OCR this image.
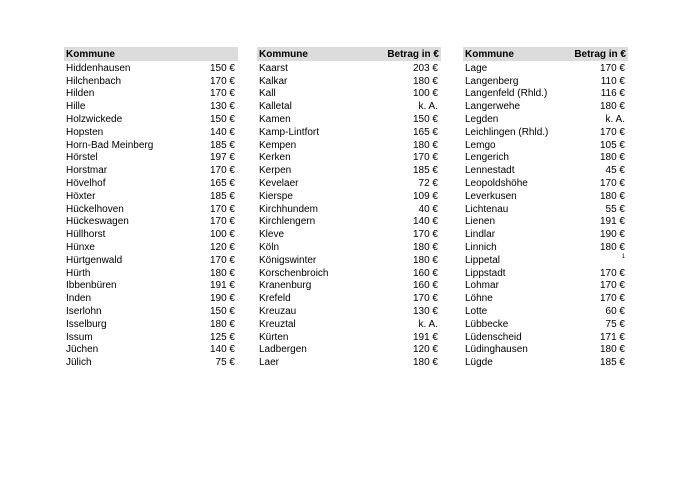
Kommune
Hiddenhausen	150 €
Hilchenbach	170 €
Hilden	170 €
Hille	130 €
Holzwickede	150 €
Hopsten	140 €
Horn-Bad Meinberg	185 €
Hörstel	197 €
Horstmar	170 €
Hövelhof	165 €
Höxter	185 €
Hückelhoven	170 €
Hückeswagen	170 €
Hüllhorst	100 €
Hünxe	120 €
Hürtgenwald	170 €
Hürth	180 €
Ibbenbüren	191 €
Inden	190 €
Iserlohn	150 €
Isselburg	180 €
Issum	125 €
Jüchen	140 €
Jülich	75 €
Kommune	Betrag in €
Kaarst	203 €
Kalkar	180 €
Kall	100 €
Kalletal	k. A.
Kamen	150 €
Kamp-Lintfort	165 €
Kempen	180 €
Kerken	170 €
Kerpen	185 €
Kevelaer	72 €
Kierspe	109 €
Kirchhundem	40 €
Kirchlengern	140 €
Kleve	170 €
Köln	180 €
Königswinter	180 €
Korschenbroich	160 €
Kranenburg	160 €
Krefeld	170 €
Kreuzau	130 €
Kreuztal	k. A.
Kürten	191 €
Ladbergen	120 €
Laer	180 €
Kommune	Betrag in €
Lage	170 €
Langenberg	110 €
Langenfeld (Rhld.)	116 €
Langerwehe	180 €
Legden	k. A.
Leichlingen (Rhld.)	170 €
Lemgo	105 €
Lengerich	180 €
Lennestadt	45 €
Leopoldshöhe	170 €
Leverkusen	180 €
Lichtenau	55 €
Lienen	191 €
Lindlar	190 €
Linnich	180 €
Lippetal	1
Lippstadt	170 €
Lohmar	170 €
Löhne	170 €
Lotte	60 €
Lübbecke	75 €
Lüdenscheid	171 €
Lüdinghausen	180 €
Lügde	185 €
